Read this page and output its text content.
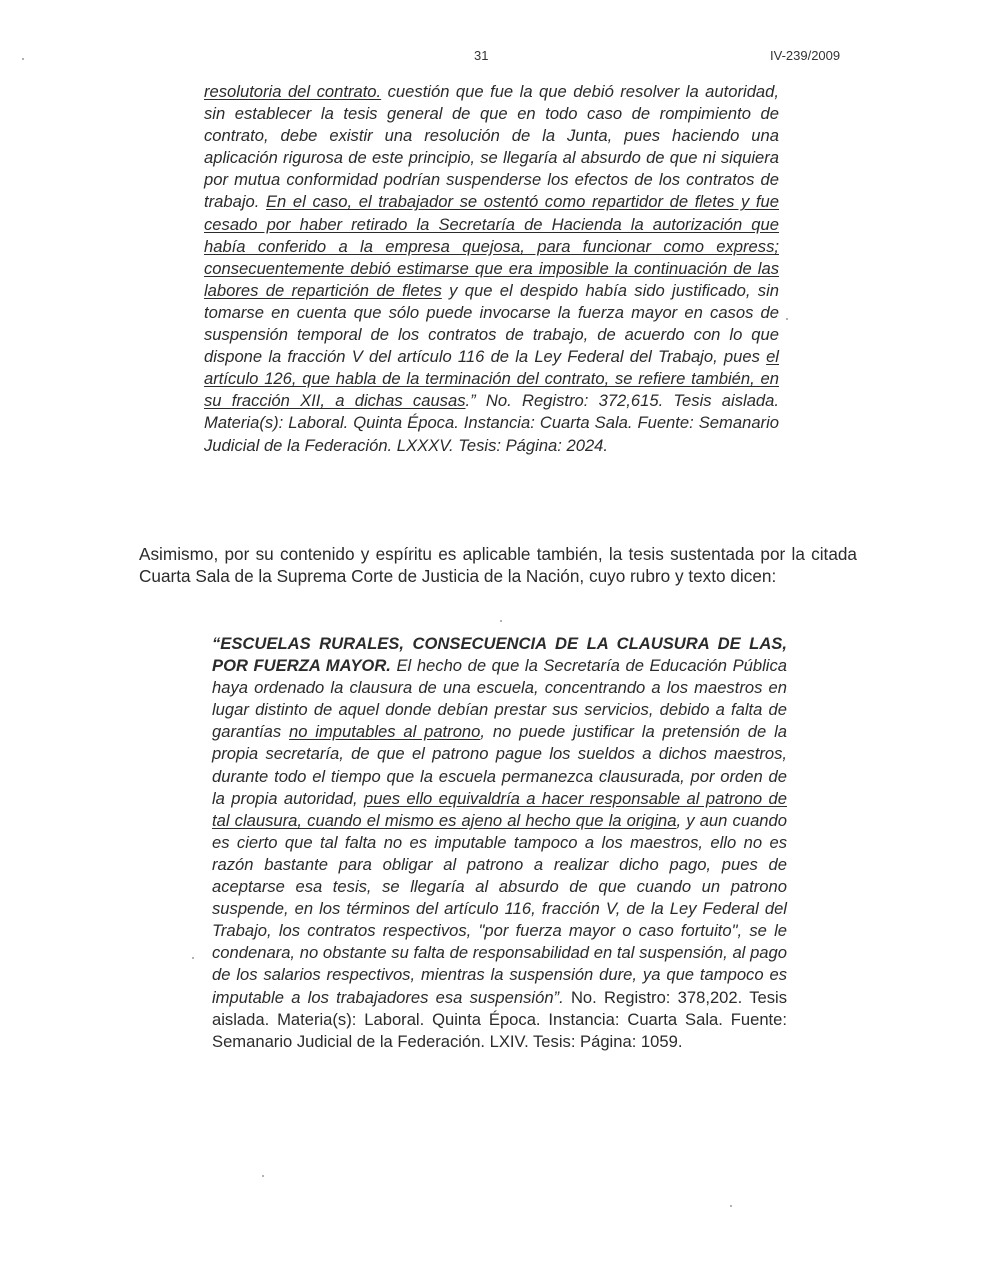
31	IV-239/2009
resolutoria del contrato. cuestión que fue la que debió resolver la autoridad, sin establecer la tesis general de que en todo caso de rompimiento de contrato, debe existir una resolución de la Junta, pues haciendo una aplicación rigurosa de este principio, se llegaría al absurdo de que ni siquiera por mutua conformidad podrían suspenderse los efectos de los contratos de trabajo. En el caso, el trabajador se ostentó como repartidor de fletes y fue cesado por haber retirado la Secretaría de Hacienda la autorización que había conferido a la empresa quejosa, para funcionar como express; consecuentemente debió estimarse que era imposible la continuación de las labores de repartición de fletes y que el despido había sido justificado, sin tomarse en cuenta que sólo puede invocarse la fuerza mayor en casos de suspensión temporal de los contratos de trabajo, de acuerdo con lo que dispone la fracción V del artículo 116 de la Ley Federal del Trabajo, pues el artículo 126, que habla de la terminación del contrato, se refiere también, en su fracción XII, a dichas causas.” No. Registro: 372,615. Tesis aislada. Materia(s): Laboral. Quinta Época. Instancia: Cuarta Sala. Fuente: Semanario Judicial de la Federación. LXXXV. Tesis: Página: 2024.
Asimismo, por su contenido y espíritu es aplicable también, la tesis sustentada por la citada Cuarta Sala de la Suprema Corte de Justicia de la Nación, cuyo rubro y texto dicen:
“ESCUELAS RURALES, CONSECUENCIA DE LA CLAUSURA DE LAS, POR FUERZA MAYOR. El hecho de que la Secretaría de Educación Pública haya ordenado la clausura de una escuela, concentrando a los maestros en lugar distinto de aquel donde debían prestar sus servicios, debido a falta de garantías no imputables al patrono, no puede justificar la pretensión de la propia secretaría, de que el patrono pague los sueldos a dichos maestros, durante todo el tiempo que la escuela permanezca clausurada, por orden de la propia autoridad, pues ello equivaldría a hacer responsable al patrono de tal clausura, cuando el mismo es ajeno al hecho que la origina, y aun cuando es cierto que tal falta no es imputable tampoco a los maestros, ello no es razón bastante para obligar al patrono a realizar dicho pago, pues de aceptarse esa tesis, se llegaría al absurdo de que cuando un patrono suspende, en los términos del artículo 116, fracción V, de la Ley Federal del Trabajo, los contratos respectivos, "por fuerza mayor o caso fortuito", se le condenara, no obstante su falta de responsabilidad en tal suspensión, al pago de los salarios respectivos, mientras la suspensión dure, ya que tampoco es imputable a los trabajadores esa suspensión”. No. Registro: 378,202. Tesis aislada. Materia(s): Laboral. Quinta Época. Instancia: Cuarta Sala. Fuente: Semanario Judicial de la Federación. LXIV. Tesis: Página: 1059.
